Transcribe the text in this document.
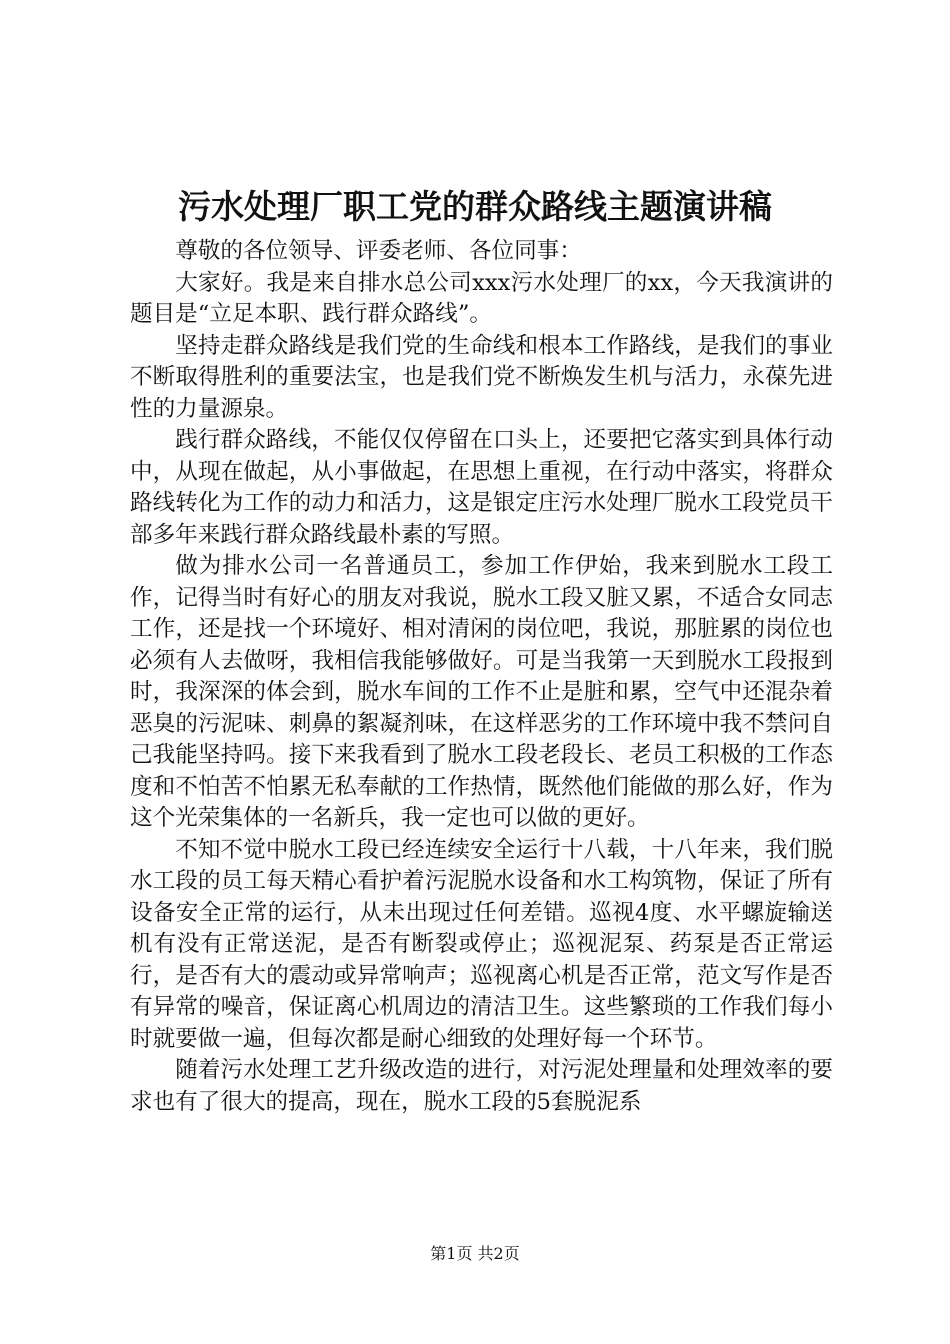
污水处理厂职工党的群众路线主题演讲稿

尊敬的各位领导、评委老师、各位同事：

大家好。我是来自排水总公司xxx污水处理厂的xx，今天我演讲的题目是“立足本职、践行群众路线”。

坚持走群众路线是我们党的生命线和根本工作路线，是我们的事业不断取得胜利的重要法宝，也是我们党不断焕发生机与活力，永葆先进性的力量源泉。

践行群众路线，不能仅仅停留在口头上，还要把它落实到具体行动中，从现在做起，从小事做起，在思想上重视，在行动中落实，将群众路线转化为工作的动力和活力，这是银定庄污水处理厂脱水工段党员干部多年来践行群众路线最朴素的写照。

做为排水公司一名普通员工，参加工作伊始，我来到脱水工段工作，记得当时有好心的朋友对我说，脱水工段又脏又累，不适合女同志工作，还是找一个环境好、相对清闲的岗位吧，我说，那脏累的岗位也必须有人去做呀，我相信我能够做好。可是当我第一天到脱水工段报到时，我深深的体会到，脱水车间的工作不止是脏和累，空气中还混杂着恶臭的污泥味、刺鼻的絮凝剂味，在这样恶劣的工作环境中我不禁问自己我能坚持吗。接下来我看到了脱水工段老段长、老员工积极的工作态度和不怕苦不怕累无私奉献的工作热情，既然他们能做的那么好，作为这个光荣集体的一名新兵，我一定也可以做的更好。

不知不觉中脱水工段已经连续安全运行十八载，十八年来，我们脱水工段的员工每天精心看护着污泥脱水设备和水工构筑物，保证了所有设备安全正常的运行，从未出现过任何差错。巡视4度、水平螺旋输送机有没有正常送泥，是否有断裂或停止；巡视泥泵、药泵是否正常运行，是否有大的震动或异常响声；巡视离心机是否正常，范文写作是否有异常的噪音，保证离心机周边的清洁卫生。这些繁琐的工作我们每小时就要做一遍，但每次都是耐心细致的处理好每一个环节。

随着污水处理工艺升级改造的进行，对污泥处理量和处理效率的要求也有了很大的提高，现在，脱水工段的5套脱泥系

第1页 共2页
